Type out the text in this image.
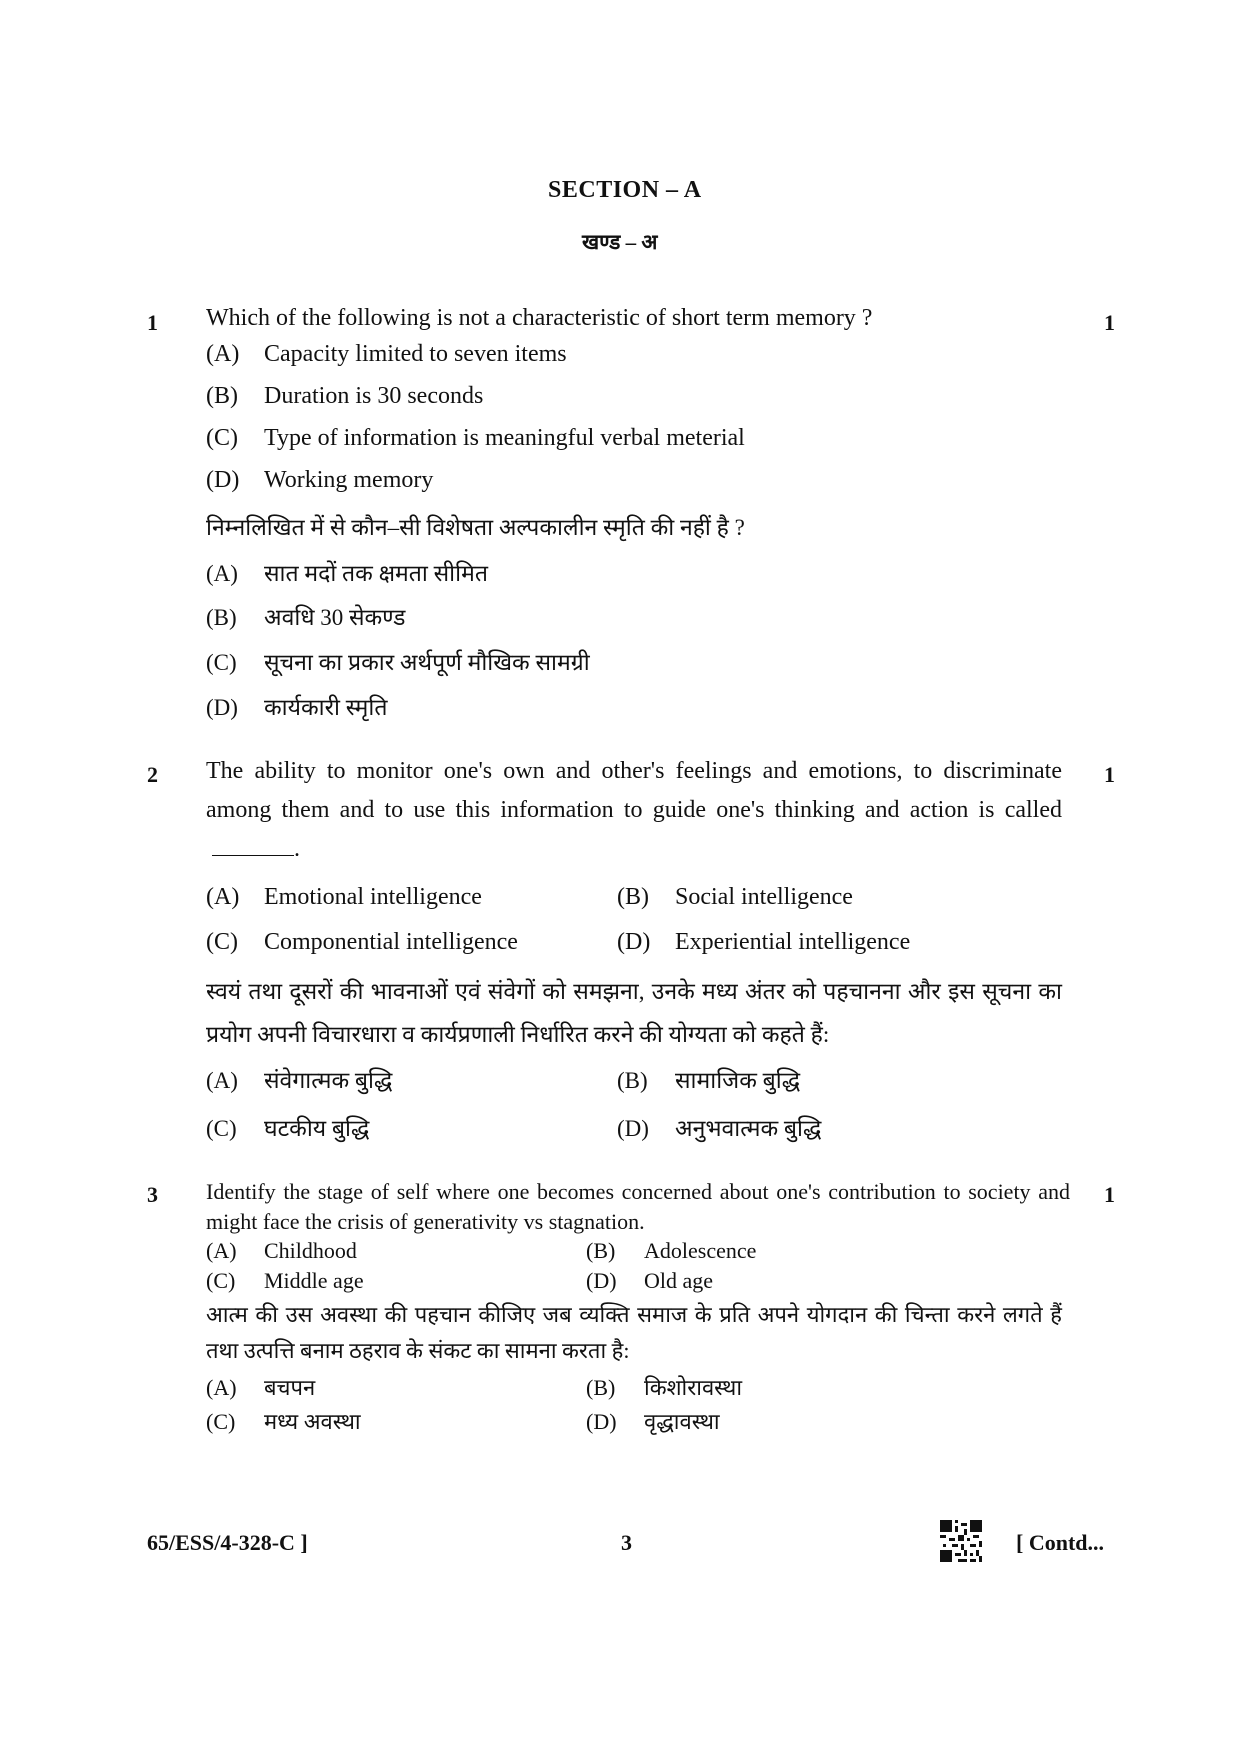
SECTION – A
खण्ड – अ
1 Which of the following is not a characteristic of short term memory ?	1
(A) Capacity limited to seven items
(B) Duration is 30 seconds
(C) Type of information is meaningful verbal meterial
(D) Working memory
निम्नलिखित में से कौन–सी विशेषता अल्पकालीन स्मृति की नहीं है ?
(A) सात मदों तक क्षमता सीमित
(B) अवधि 30 सेकण्ड
(C) सूचना का प्रकार अर्थपूर्ण मौखिक सामग्री
(D) कार्यकारी स्मृति
2	1
The ability to monitor one's own and other's feelings and emotions, to discriminate among them and to use this information to guide one's thinking and action is called.
(A) Emotional intelligence	(B) Social intelligence
(C) Componential intelligence	(D) Experiential intelligence
स्वयं तथा दूसरों की भावनाओं एवं संवेगों को समझना, उनके मध्य अंतर को पहचानना और इस सूचना का प्रयोग अपनी विचारधारा व कार्यप्रणाली निर्धारित करने की योग्यता को कहते हैं:
(A) संवेगात्मक बुद्धि	(B) सामाजिक बुद्धि
(C) घटकीय बुद्धि	(D) अनुभवात्मक बुद्धि
3	1
Identify the stage of self where one becomes concerned about one's contribution to society and might face the crisis of generativity vs stagnation.
(A) Childhood	(B) Adolescence
(C) Middle age	(D) Old age
आत्म की उस अवस्था की पहचान कीजिए जब व्यक्ति समाज के प्रति अपने योगदान की चिन्ता करने लगते हैं तथा उत्पत्ति बनाम ठहराव के संकट का सामना करता है:
(A) बचपन	(B) किशोरावस्था
(C) मध्य अवस्था	(D) वृद्धावस्था
65/ESS/4-328-C ]	3	[ Contd...
